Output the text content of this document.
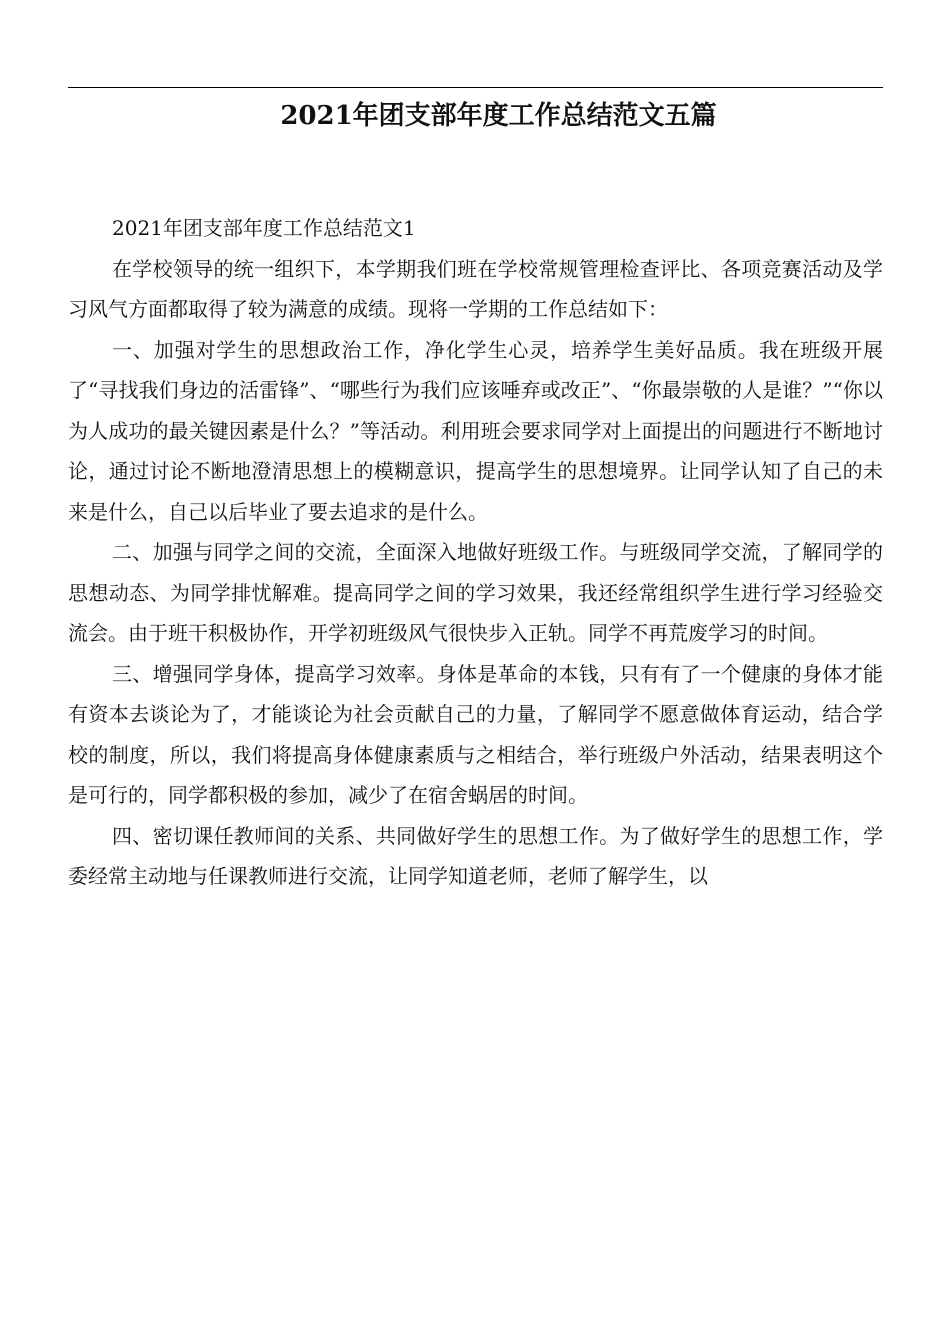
2021年团支部年度工作总结范文五篇

2021年团支部年度工作总结范文1

在学校领导的统一组织下，本学期我们班在学校常规管理检查评比、各项竞赛活动及学习风气方面都取得了较为满意的成绩。现将一学期的工作总结如下：

一、加强对学生的思想政治工作，净化学生心灵，培养学生美好品质。我在班级开展了“寻找我们身边的活雷锋”、“哪些行为我们应该唾弃或改正”、“你最崇敬的人是谁？”“你以为人成功的最关键因素是什么？”等活动。利用班会要求同学对上面提出的问题进行不断地讨论，通过讨论不断地澄清思想上的模糊意识，提高学生的思想境界。让同学认知了自己的未来是什么，自己以后毕业了要去追求的是什么。

二、加强与同学之间的交流，全面深入地做好班级工作。与班级同学交流，了解同学的思想动态、为同学排忧解难。提高同学之间的学习效果，我还经常组织学生进行学习经验交流会。由于班干积极协作，开学初班级风气很快步入正轨。同学不再荒废学习的时间。

三、增强同学身体，提高学习效率。身体是革命的本钱，只有有了一个健康的身体才能有资本去谈论为了，才能谈论为社会贡献自己的力量，了解同学不愿意做体育运动，结合学校的制度，所以，我们将提高身体健康素质与之相结合，举行班级户外活动，结果表明这个是可行的，同学都积极的参加，减少了在宿舍蜗居的时间。

四、密切课任教师间的关系、共同做好学生的思想工作。为了做好学生的思想工作，学委经常主动地与任课教师进行交流，让同学知道老师，老师了解学生，以
